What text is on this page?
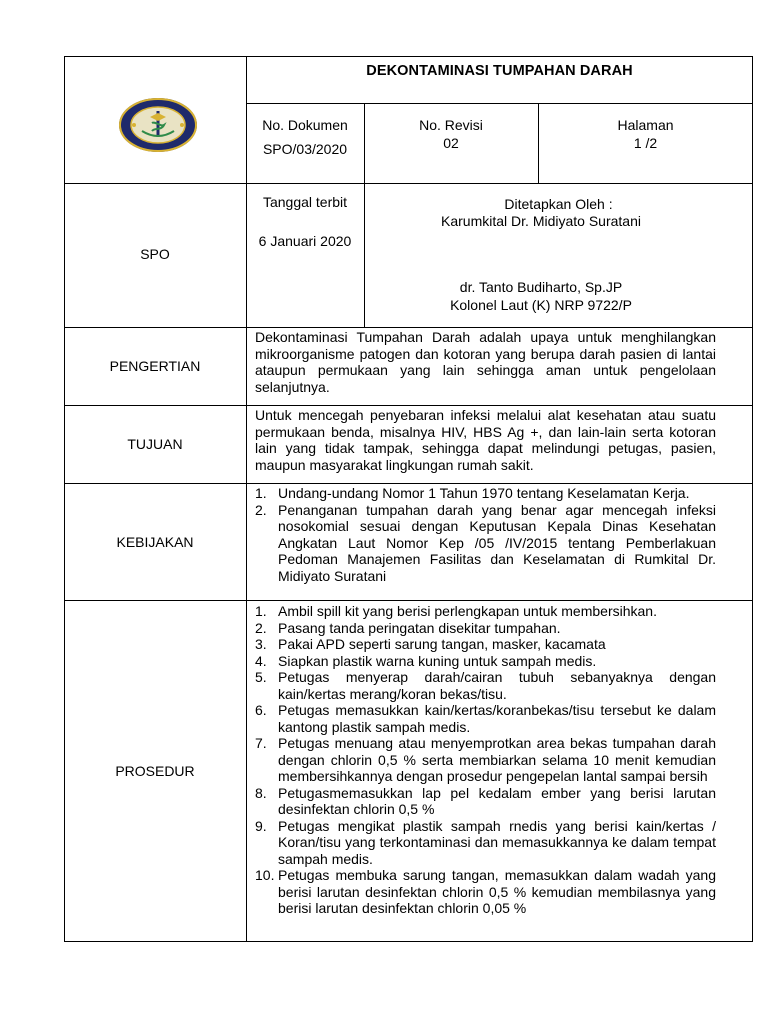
DEKONTAMINASI TUMPAHAN DARAH
No. Dokumen
SPO/03/2020
No. Revisi
02
Halaman
1 /2
SPO
Tanggal terbit
6 Januari 2020
Ditetapkan Oleh :
Karumkital Dr. Midiyato Suratani
dr. Tanto Budiharto, Sp.JP
Kolonel Laut (K) NRP 9722/P
PENGERTIAN
Dekontaminasi Tumpahan Darah adalah upaya untuk menghilangkan mikroorganisme patogen dan kotoran yang berupa darah pasien di lantai ataupun permukaan yang lain sehingga aman untuk pengelolaan selanjutnya.
TUJUAN
Untuk mencegah penyebaran infeksi melalui alat kesehatan atau suatu permukaan benda, misalnya HIV, HBS Ag +, dan lain-lain serta kotoran lain yang tidak tampak, sehingga dapat melindungi petugas, pasien, maupun masyarakat lingkungan rumah sakit.
KEBIJAKAN
1. Undang-undang Nomor 1 Tahun 1970 tentang Keselamatan Kerja.
2. Penanganan tumpahan darah yang benar agar mencegah infeksi nosokomial sesuai dengan Keputusan Kepala Dinas Kesehatan Angkatan Laut Nomor Kep /05 /IV/2015 tentang Pemberlakuan Pedoman Manajemen Fasilitas dan Keselamatan di Rumkital Dr. Midiyato Suratani
PROSEDUR
1. Ambil spill kit yang berisi perlengkapan untuk membersihkan.
2. Pasang tanda peringatan disekitar tumpahan.
3. Pakai APD seperti sarung tangan, masker, kacamata
4. Siapkan plastik warna kuning untuk sampah medis.
5. Petugas menyerap darah/cairan tubuh sebanyaknya dengan kain/kertas merang/koran bekas/tisu.
6. Petugas memasukkan kain/kertas/koranbekas/tisu tersebut ke dalam kantong plastik sampah medis.
7. Petugas menuang atau menyemprotkan area bekas tumpahan darah dengan chlorin 0,5 % serta membiarkan selama 10 menit kemudian membersihkannya dengan prosedur pengepelan lantal sampai bersih
8. Petugasmemasukkan lap pel kedalam ember yang berisi larutan desinfektan chlorin 0,5 %
9. Petugas mengikat plastik sampah rnedis yang berisi kain/kertas / Koran/tisu yang terkontaminasi dan memasukkannya ke dalam tempat sampah medis.
10. Petugas membuka sarung tangan, memasukkan dalam wadah yang berisi larutan desinfektan chlorin 0,5 % kemudian membilasnya yang berisi larutan desinfektan chlorin 0,05 %
